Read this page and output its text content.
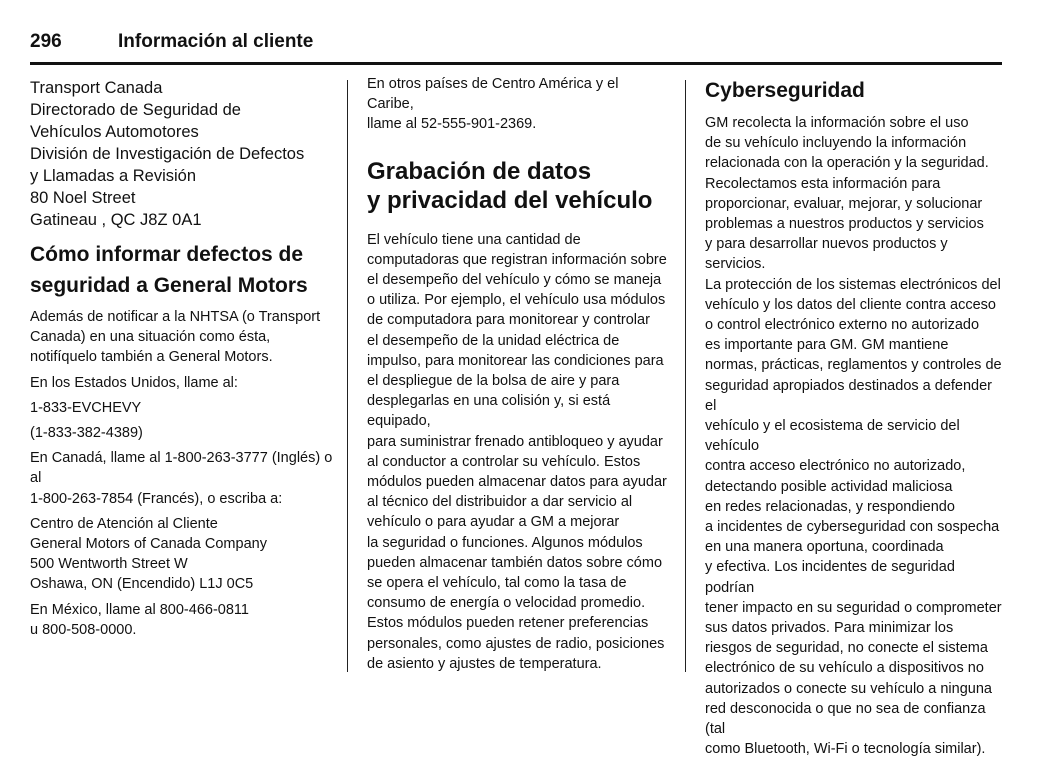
296	Información al cliente
Transport Canada
Directorado de Seguridad de
Vehículos Automotores
División de Investigación de Defectos
y Llamadas a Revisión
80 Noel Street
Gatineau , QC J8Z 0A1
Cómo informar defectos de
seguridad a General Motors
Además de notificar a la NHTSA (o Transport
Canada) en una situación como ésta,
notifíquelo también a General Motors.

En los Estados Unidos, llame al:

1-833-EVCHEVY

(1-833-382-4389)

En Canadá, llame al 1-800-263-3777 (Inglés) o al
1-800-263-7854 (Francés), o escriba a:
Centro de Atención al Cliente
General Motors of Canada Company
500 Wentworth Street W
Oshawa, ON (Encendido) L1J 0C5
En México, llame al 800-466-0811
u 800-508-0000.
En otros países de Centro América y el Caribe,
llame al 52-555-901-2369.
Grabación de datos
y privacidad del vehículo
El vehículo tiene una cantidad de
computadoras que registran información sobre
el desempeño del vehículo y cómo se maneja
o utiliza. Por ejemplo, el vehículo usa módulos
de computadora para monitorear y controlar
el desempeño de la unidad eléctrica de
impulso, para monitorear las condiciones para
el despliegue de la bolsa de aire y para
desplegarlas en una colisión y, si está equipado,
para suministrar frenado antibloqueo y ayudar
al conductor a controlar su vehículo. Estos
módulos pueden almacenar datos para ayudar
al técnico del distribuidor a dar servicio al
vehículo o para ayudar a GM a mejorar
la seguridad o funciones. Algunos módulos
pueden almacenar también datos sobre cómo
se opera el vehículo, tal como la tasa de
consumo de energía o velocidad promedio.
Estos módulos pueden retener preferencias
personales, como ajustes de radio, posiciones
de asiento y ajustes de temperatura.
Cyberseguridad
GM recolecta la información sobre el uso
de su vehículo incluyendo la información
relacionada con la operación y la seguridad.
Recolectamos esta información para
proporcionar, evaluar, mejorar, y solucionar
problemas a nuestros productos y servicios
y para desarrollar nuevos productos y servicios.
La protección de los sistemas electrónicos del
vehículo y los datos del cliente contra acceso
o control electrónico externo no autorizado
es importante para GM. GM mantiene
normas, prácticas, reglamentos y controles de
seguridad apropiados destinados a defender el
vehículo y el ecosistema de servicio del vehículo
contra acceso electrónico no autorizado,
detectando posible actividad maliciosa
en redes relacionadas, y respondiendo
a incidentes de cyberseguridad con sospecha
en una manera oportuna, coordinada
y efectiva. Los incidentes de seguridad podrían
tener impacto en su seguridad o comprometer
sus datos privados. Para minimizar los
riesgos de seguridad, no conecte el sistema
electrónico de su vehículo a dispositivos no
autorizados o conecte su vehículo a ninguna
red desconocida o que no sea de confianza (tal
como Bluetooth, Wi-Fi o tecnología similar).
